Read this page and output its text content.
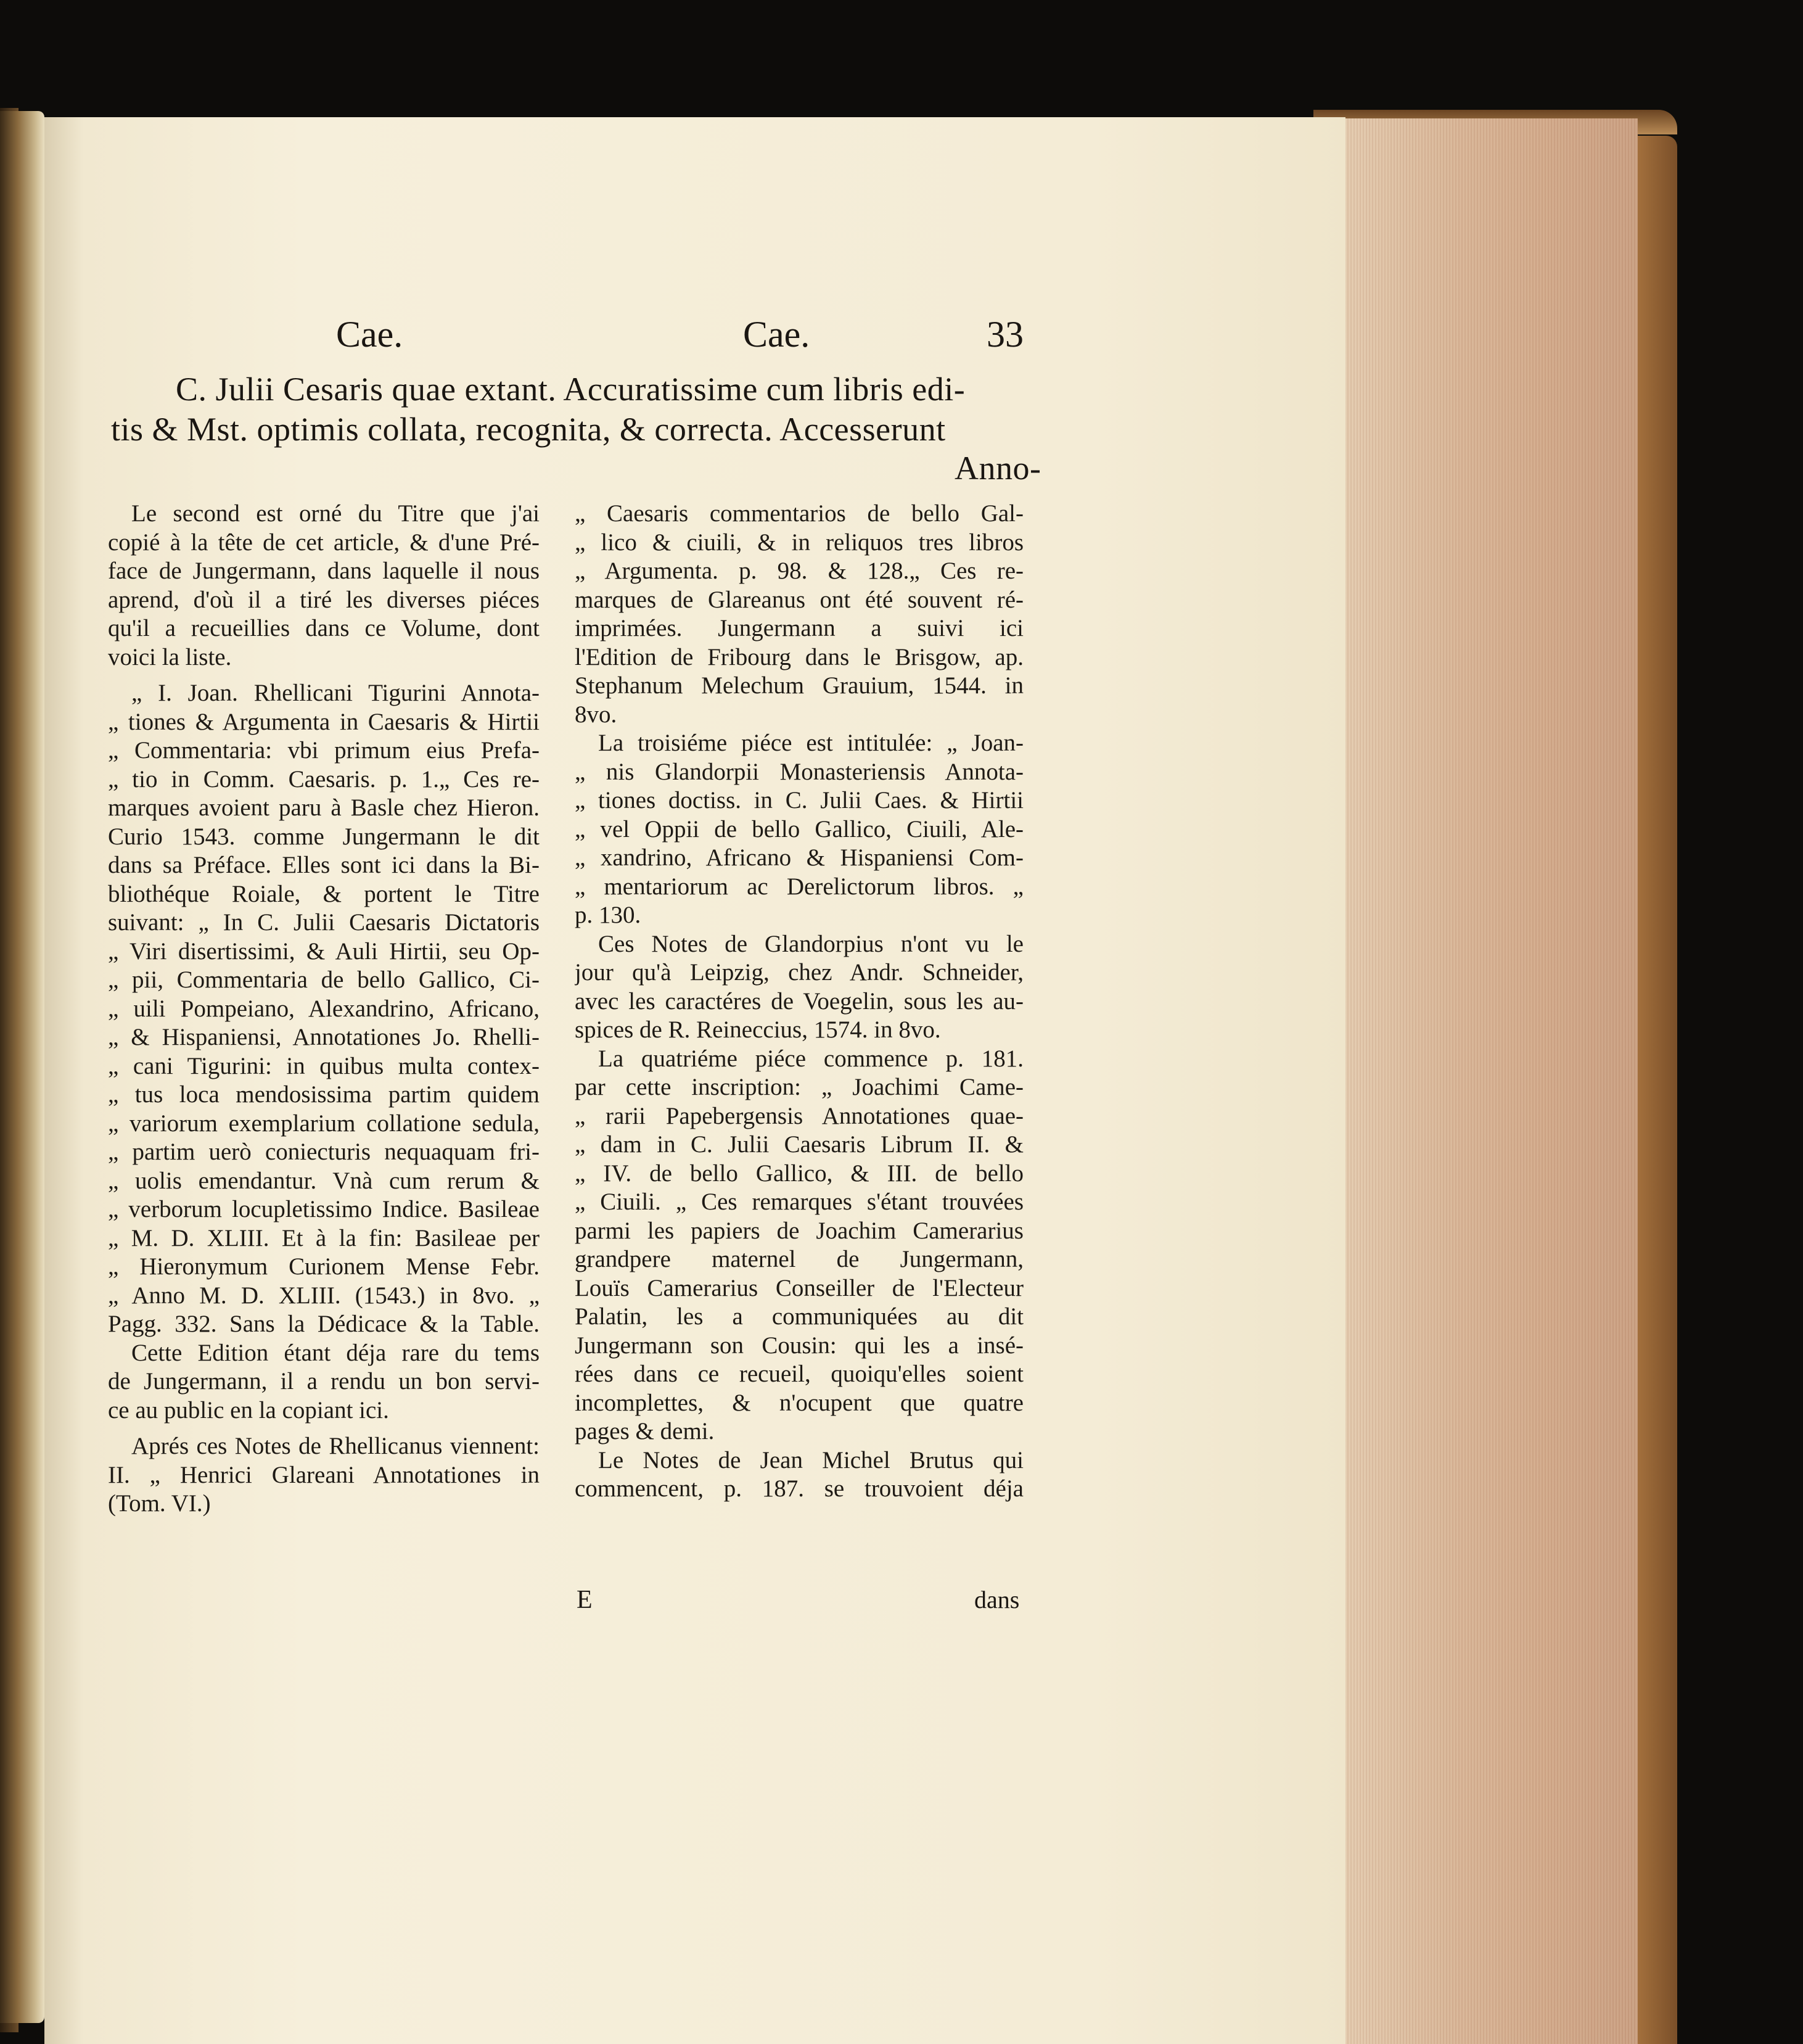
Cae.	Cae.	33
C. Julii Cesaris quae extant. Accuratissime cum libris edi-
tis & Mst. optimis collata, recognita, & correcta. Accesserunt
Anno-

Le second est orné du Titre que j'ai

copié à la tête de cet article, & d'une Pré-

face de Jungermann, dans laquelle il nous

aprend, d'où il a tiré les diverses piéces

qu'il a recueillies dans ce Volume, dont

voici la liste.

„ I. Joan. Rhellicani Tigurini Annota-

„ tiones & Argumenta in Caesaris & Hirtii

„ Commentaria: vbi primum eius Prefa-

„ tio in Comm. Caesaris. p. 1.„ Ces re-

marques avoient paru à Basle chez Hieron.

Curio 1543. comme Jungermann le dit

dans sa Préface. Elles sont ici dans la Bi-

bliothéque Roiale, & portent le Titre

suivant: „ In C. Julii Caesaris Dictatoris

„ Viri disertissimi, & Auli Hirtii, seu Op-

„ pii, Commentaria de bello Gallico, Ci-

„ uili Pompeiano, Alexandrino, Africano,

„ & Hispaniensi, Annotationes Jo. Rhelli-

„ cani Tigurini: in quibus multa contex-

„ tus loca mendosissima partim quidem

„ variorum exemplarium collatione sedula,

„ partim uerò coniecturis nequaquam fri-

„ uolis emendantur. Vnà cum rerum &

„ verborum locupletissimo Indice. Basileae

„ M. D. XLIII. Et à la fin: Basileae per

„ Hieronymum Curionem Mense Febr.

„ Anno M. D. XLIII. (1543.) in 8vo. „

Pagg. 332. Sans la Dédicace & la Table.

Cette Edition étant déja rare du tems

de Jungermann, il a rendu un bon servi-

ce au public en la copiant ici.

Aprés ces Notes de Rhellicanus viennent:

II. „ Henrici Glareani Annotationes in

(Tom. VI.)

„ Caesaris commentarios de bello Gal-

„ lico & ciuili, & in reliquos tres libros

„ Argumenta. p. 98. & 128.„ Ces re-

marques de Glareanus ont été souvent ré-

imprimées. Jungermann a suivi ici

l'Edition de Fribourg dans le Brisgow, ap.

Stephanum Melechum Grauium, 1544. in

8vo.

La troisiéme piéce est intitulée: „ Joan-

„ nis Glandorpii Monasteriensis Annota-

„ tiones doctiss. in C. Julii Caes. & Hirtii

„ vel Oppii de bello Gallico, Ciuili, Ale-

„ xandrino, Africano & Hispaniensi Com-

„ mentariorum ac Derelictorum libros. „

p. 130.

Ces Notes de Glandorpius n'ont vu le

jour qu'à Leipzig, chez Andr. Schneider,

avec les caractéres de Voegelin, sous les au-

spices de R. Reineccius, 1574. in 8vo.

La quatriéme piéce commence p. 181.

par cette inscription: „ Joachimi Came-

„ rarii Papebergensis Annotationes quae-

„ dam in C. Julii Caesaris Librum II. &

„ IV. de bello Gallico, & III. de bello

„ Ciuili. „ Ces remarques s'étant trouvées

parmi les papiers de Joachim Camerarius

grandpere maternel de Jungermann,

Louïs Camerarius Conseiller de l'Electeur

Palatin, les a communiquées au dit

Jungermann son Cousin: qui les a insé-

rées dans ce recueil, quoiqu'elles soient

incomplettes, & n'ocupent que quatre

pages & demi.

Le Notes de Jean Michel Brutus qui

commencent, p. 187. se trouvoient déja

E	dans
